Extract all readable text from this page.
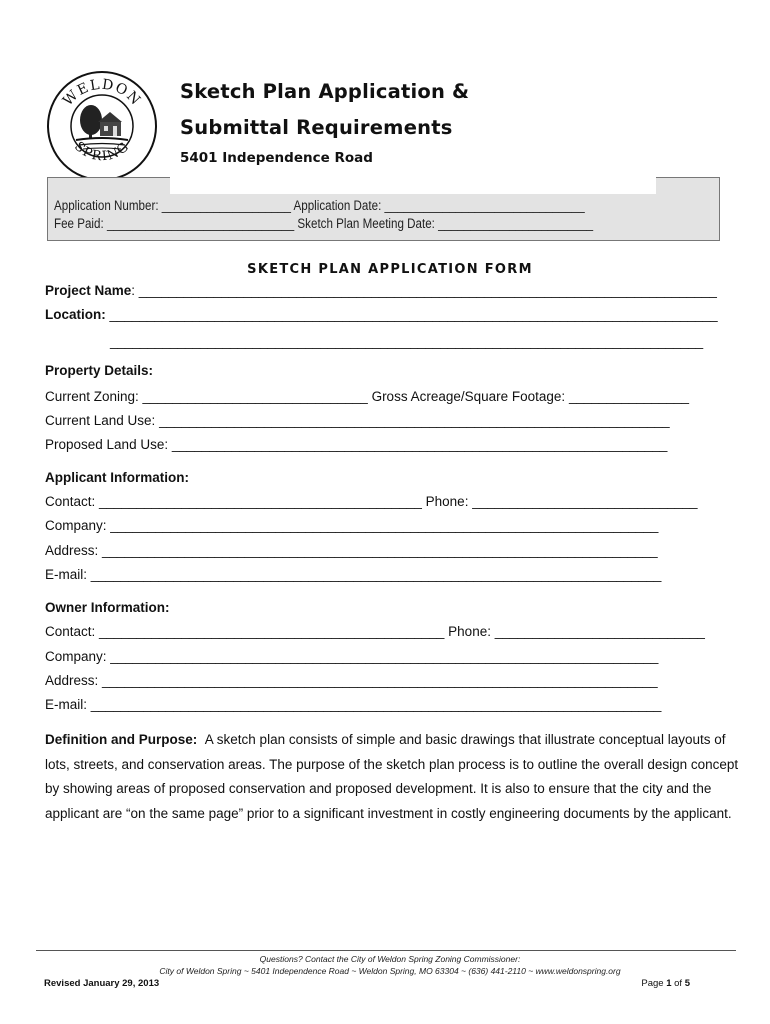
WELDON
SPRING
Sketch Plan Application &
Submittal Requirements
5401 Independence Road
Application Number: ____________________ Application Date: _______________________________
Fee Paid: _____________________________ Sketch Plan Meeting Date: ________________________
SKETCH PLAN APPLICATION FORM
Project Name: _____________________________________________________________________________
Location: _________________________________________________________________________________
_______________________________________________________________________________
Property Details:
Current Zoning: ______________________________ Gross Acreage/Square Footage: ________________
Current Land Use: ____________________________________________________________________
Proposed Land Use: __________________________________________________________________
Applicant Information:
Contact: ___________________________________________ Phone: ______________________________
Company: _________________________________________________________________________
Address: __________________________________________________________________________
E-mail: ____________________________________________________________________________
Owner Information:
Contact: ______________________________________________ Phone: ____________________________
Company: _________________________________________________________________________
Address: __________________________________________________________________________
E-mail: ____________________________________________________________________________
Definition and Purpose: A sketch plan consists of simple and basic drawings that illustrate conceptual layouts of lots, streets, and conservation areas. The purpose of the sketch plan process is to outline the overall design concept by showing areas of proposed conservation and proposed development. It is also to ensure that the city and the applicant are “on the same page” prior to a significant investment in costly engineering documents by the applicant.
Questions? Contact the City of Weldon Spring Zoning Commissioner:
City of Weldon Spring ~ 5401 Independence Road ~ Weldon Spring, MO 63304 ~ (636) 441-2110 ~ www.weldonspring.org
Revised January 29, 2013	Page 1 of 5
